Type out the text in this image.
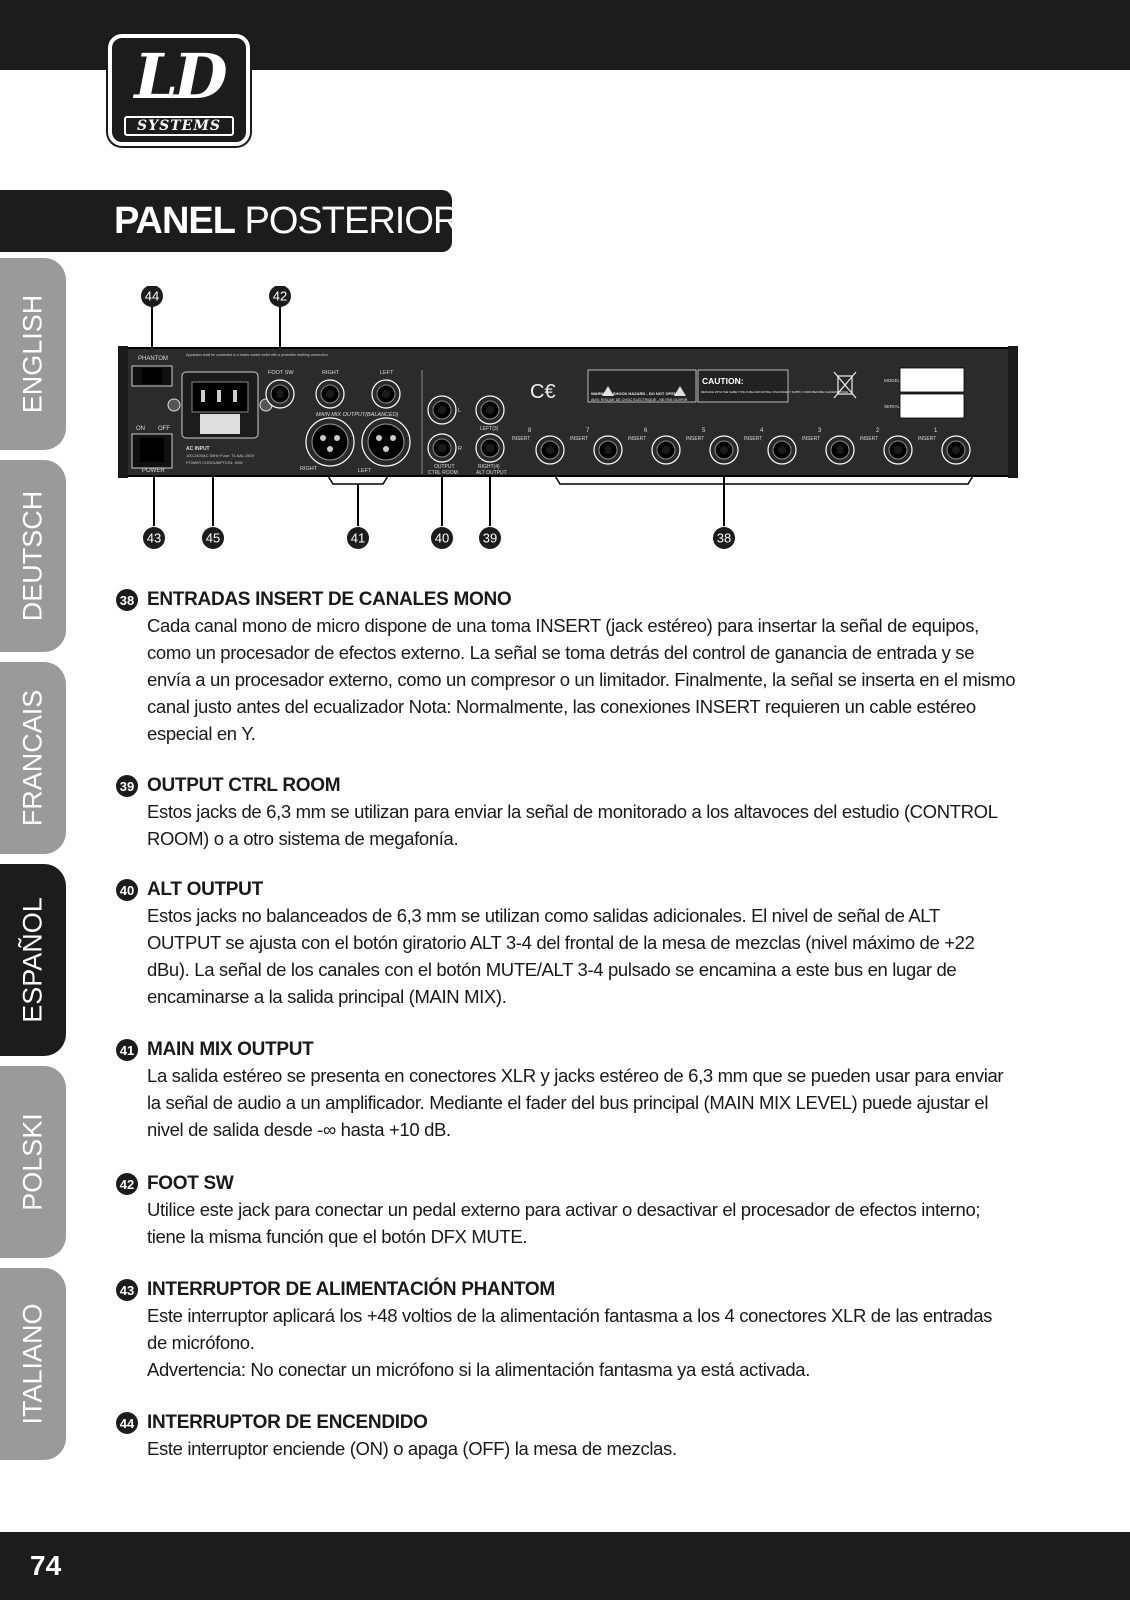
LD
SYSTEMS
PANEL POSTERIOR:
ENGLISH
DEUTSCH
FRANCAIS
ESPAÑOL
POLSKI
ITALIANO
PHANTOM
ON OFF
POWER
Apparatus shall be connected to a mains socket outlet with a protective earthing connection
AC INPUT
100-240VAC 50Hz Fuse: T1.6AL 250V
POWER CONSUMPTION: 40W
FOOT SW	RIGHT	LEFT
MAIN MIX OUTPUT(BALANCED)
RIGHT	LEFT
L
R
OUTPUT
CTRL ROOM
LEFT(3)
RIGHT(4)
ALT OUTPUT
C€	WARNING: SHOCK HAZARD - DO NOT OPEN
AVIS: RISQUE DE CHOC ELECTRIQUE - NE PAS OUVRIR
CAUTION:
REPLACE WITH THE SAME TYPE FUSE AND RATING. DISCONNECT SUPPLY CORD BEFORE CHANGING FUSE
MODEL
SERIAL
8
INSERT
7
INSERT
6
INSERT
5
INSERT
4
INSERT
3
INSERT
2
INSERT
1
INSERT
44	42
43	45	41	40	39	38
38 ENTRADAS INSERT DE CANALES MONO

Cada canal mono de micro dispone de una toma INSERT (jack estéreo) para insertar la señal de equipos, como un procesador de efectos externo. La señal se toma detrás del control de ganancia de entrada y se envía a un procesador externo, como un compresor o un limitador. Finalmente, la señal se inserta en el mismo canal justo antes del ecualizador Nota: Normalmente, las conexiones INSERT requieren un cable estéreo especial en Y.

39 OUTPUT CTRL ROOM

Estos jacks de 6,3 mm se utilizan para enviar la señal de monitorado a los altavoces del estudio (CONTROL ROOM) o a otro sistema de megafonía.

40 ALT OUTPUT

Estos jacks no balanceados de 6,3 mm se utilizan como salidas adicionales. El nivel de señal de ALT OUTPUT se ajusta con el botón giratorio ALT 3-4 del frontal de la mesa de mezclas (nivel máximo de +22 dBu). La señal de los canales con el botón MUTE/ALT 3-4 pulsado se encamina a este bus en lugar de encaminarse a la salida principal (MAIN MIX).

41 MAIN MIX OUTPUT

La salida estéreo se presenta en conectores XLR y jacks estéreo de 6,3 mm que se pueden usar para enviar la señal de audio a un amplificador. Mediante el fader del bus principal (MAIN MIX LEVEL) puede ajustar el nivel de salida desde -∞ hasta +10 dB.

42 FOOT SW

Utilice este jack para conectar un pedal externo para activar o desactivar el procesador de efectos interno; tiene la misma función que el botón DFX MUTE.

43 INTERRUPTOR DE ALIMENTACIÓN PHANTOM

Este interruptor aplicará los +48 voltios de la alimentación fantasma a los 4 conectores XLR de las entradas de micrófono.

Advertencia: No conectar un micrófono si la alimentación fantasma ya está activada.

44 INTERRUPTOR DE ENCENDIDO

Este interruptor enciende (ON) o apaga (OFF) la mesa de mezclas.

74
